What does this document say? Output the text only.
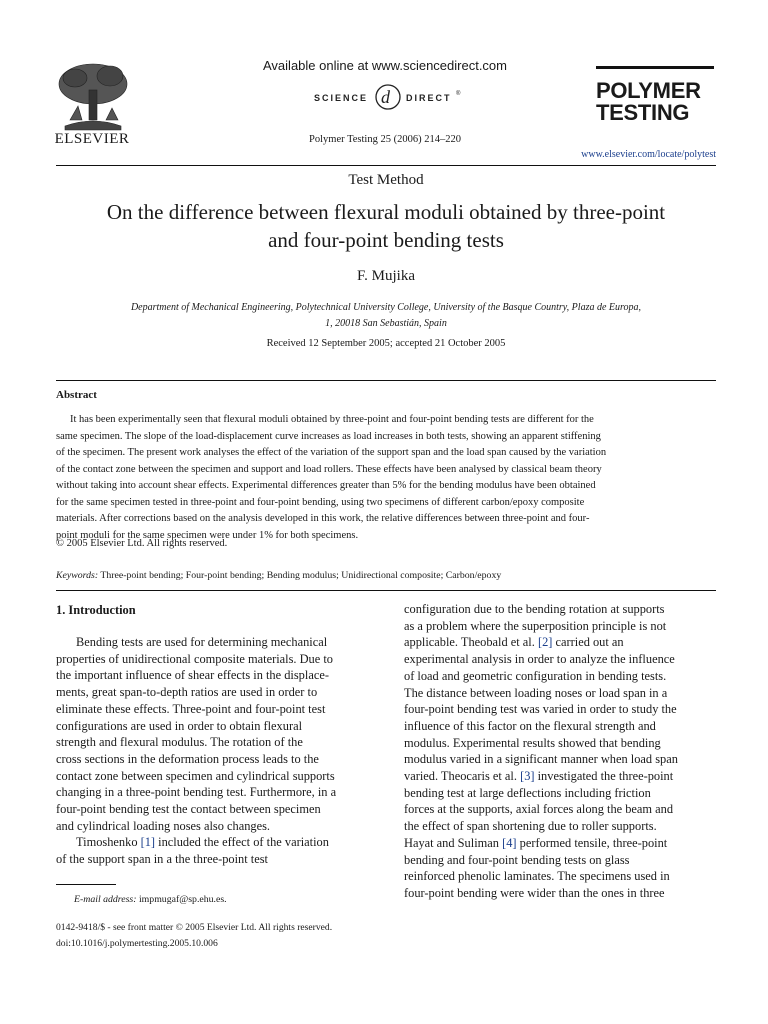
ELSEVIER
Available online at www.sciencedirect.com
SCIENCE d DIRECT ®
Polymer Testing 25 (2006) 214–220
POLYMER
TESTING
www.elsevier.com/locate/polytest
Test Method
On the difference between flexural moduli obtained by three-point
and four-point bending tests
F. Mujika
Department of Mechanical Engineering, Polytechnical University College, University of the Basque Country, Plaza de Europa,
1, 20018 San Sebastián, Spain
Received 12 September 2005; accepted 21 October 2005
Abstract
It has been experimentally seen that flexural moduli obtained by three-point and four-point bending tests are different for the
same specimen. The slope of the load-displacement curve increases as load increases in both tests, showing an apparent stiffening
of the specimen. The present work analyses the effect of the variation of the support span and the load span caused by the variation
of the contact zone between the specimen and support and load rollers. These effects have been analysed by classical beam theory
without taking into account shear effects. Experimental differences greater than 5% for the bending modulus have been obtained
for the same specimen tested in three-point and four-point bending, using two specimens of different carbon/epoxy composite
materials. After corrections based on the analysis developed in this work, the relative differences between three-point and four-
point moduli for the same specimen were under 1% for both specimens.
© 2005 Elsevier Ltd. All rights reserved.
Keywords: Three-point bending; Four-point bending; Bending modulus; Unidirectional composite; Carbon/epoxy
1. Introduction
Bending tests are used for determining mechanical
properties of unidirectional composite materials. Due to
the important influence of shear effects in the displace-
ments, great span-to-depth ratios are used in order to
eliminate these effects. Three-point and four-point test
configurations are used in order to obtain flexural
strength and flexural modulus. The rotation of the
cross sections in the deformation process leads to the
contact zone between specimen and cylindrical supports
changing in a three-point bending test. Furthermore, in a
four-point bending test the contact between specimen
and cylindrical loading noses also changes.
Timoshenko [1] included the effect of the variation
of the support span in a the three-point test
configuration due to the bending rotation at supports
as a problem where the superposition principle is not
applicable. Theobald et al. [2] carried out an
experimental analysis in order to analyze the influence
of load and geometric configuration in bending tests.
The distance between loading noses or load span in a
four-point bending test was varied in order to study the
influence of this factor on the flexural strength and
modulus. Experimental results showed that bending
modulus varied in a significant manner when load span
varied. Theocaris et al. [3] investigated the three-point
bending test at large deflections including friction
forces at the supports, axial forces along the beam and
the effect of span shortening due to roller supports.
Hayat and Suliman [4] performed tensile, three-point
bending and four-point bending tests on glass
reinforced phenolic laminates. The specimens used in
four-point bending were wider than the ones in three
E-mail address: impmugaf@sp.ehu.es.
0142-9418/$ - see front matter © 2005 Elsevier Ltd. All rights reserved.
doi:10.1016/j.polymertesting.2005.10.006
